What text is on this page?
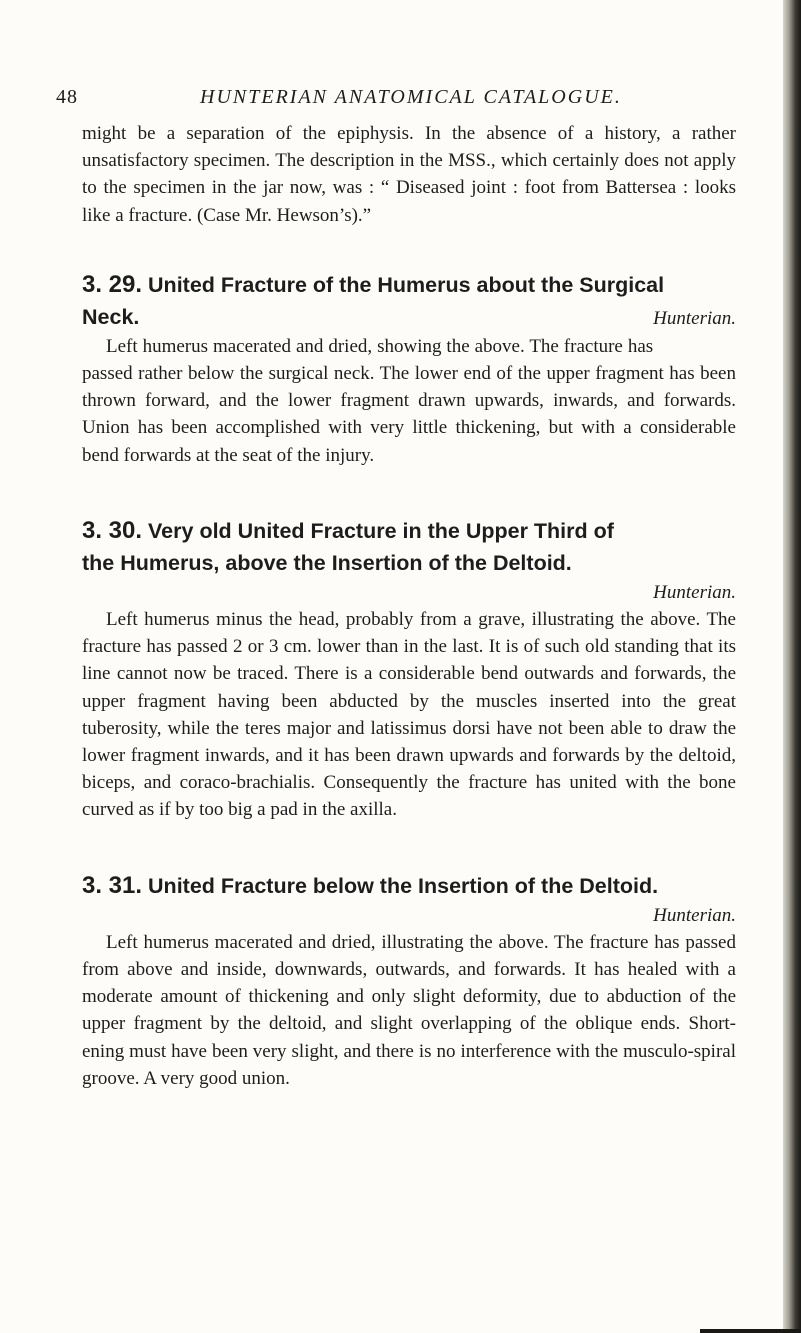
48	HUNTERIAN ANATOMICAL CATALOGUE.

might be a separation of the epiphysis. In the absence of a history, a rather unsatisfactory specimen. The description in the MSS., which certainly does not apply to the specimen in the jar now, was : “ Diseased joint : foot from Battersea : looks like a fracture. (Case Mr. Hewson’s).”

3. 29. United Fracture of the Humerus about the Surgical
Neck.	Hunterian.

Left humerus macerated and dried, showing the above. The fracture has passed rather below the surgical neck. The lower end of the upper fragment has been thrown forward, and the lower fragment drawn upwards, inwards, and forwards. Union has been accomplished with very little thickening, but with a considerable bend forwards at the seat of the injury.

3. 30. Very old United Fracture in the Upper Third of
the Humerus, above the Insertion of the Deltoid.
Hunterian.

Left humerus minus the head, probably from a grave, illustrating the above. The fracture has passed 2 or 3 cm. lower than in the last. It is of such old standing that its line cannot now be traced. There is a considerable bend outwards and forwards, the upper fragment having been abducted by the muscles inserted into the great tuberosity, while the teres major and latissimus dorsi have not been able to draw the lower fragment inwards, and it has been drawn upwards and forwards by the deltoid, biceps, and coraco-brachialis. Consequently the fracture has united with the bone curved as if by too big a pad in the axilla.

3. 31. United Fracture below the Insertion of the Deltoid.
Hunterian.

Left humerus macerated and dried, illustrating the above. The fracture has passed from above and inside, downwards, outwards, and forwards. It has healed with a moderate amount of thickening and only slight deformity, due to abduction of the upper fragment by the deltoid, and slight overlapping of the oblique ends. Short-ening must have been very slight, and there is no interference with the musculo-spiral groove. A very good union.
